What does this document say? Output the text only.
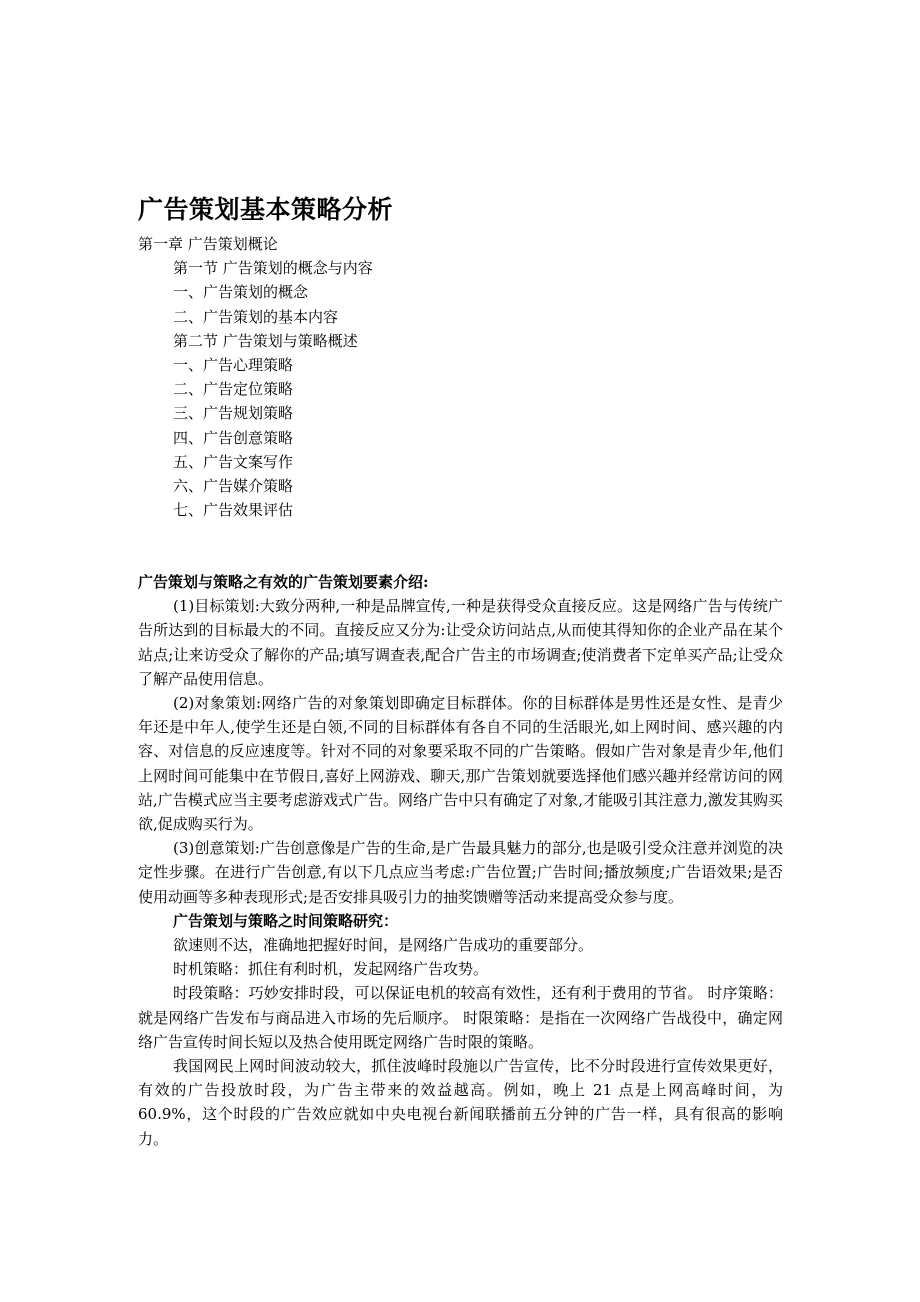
广告策划基本策略分析
第一章 广告策划概论
第一节 广告策划的概念与内容
一、广告策划的概念
二、广告策划的基本内容
第二节 广告策划与策略概述
一、广告心理策略
二、广告定位策略
三、广告规划策略
四、广告创意策略
五、广告文案写作
六、广告媒介策略
七、广告效果评估

广告策划与策略之有效的广告策划要素介绍:

(1)目标策划:大致分两种,一种是品牌宣传,一种是获得受众直接反应。这是网络广告与传统广告所达到的目标最大的不同。直接反应又分为:让受众访问站点,从而使其得知你的企业产品在某个站点;让来访受众了解你的产品;填写调查表,配合广告主的市场调查;使消费者下定单买产品;让受众了解产品使用信息。

(2)对象策划:网络广告的对象策划即确定目标群体。你的目标群体是男性还是女性、是青少年还是中年人,使学生还是白领,不同的目标群体有各自不同的生活眼光,如上网时间、感兴趣的内容、对信息的反应速度等。针对不同的对象要采取不同的广告策略。假如广告对象是青少年,他们上网时间可能集中在节假日,喜好上网游戏、聊天,那广告策划就要选择他们感兴趣并经常访问的网站,广告模式应当主要考虑游戏式广告。网络广告中只有确定了对象,才能吸引其注意力,激发其购买欲,促成购买行为。

(3)创意策划:广告创意像是广告的生命,是广告最具魅力的部分,也是吸引受众注意并浏览的决定性步骤。在进行广告创意,有以下几点应当考虑:广告位置;广告时间;播放频度;广告语效果;是否使用动画等多种表现形式;是否安排具吸引力的抽奖馈赠等活动来提高受众参与度。

广告策划与策略之时间策略研究：

欲速则不达，准确地把握好时间，是网络广告成功的重要部分。

时机策略：抓住有利时机，发起网络广告攻势。

时段策略：巧妙安排时段，可以保证电机的较高有效性，还有利于费用的节省。 时序策略：就是网络广告发布与商品进入市场的先后顺序。 时限策略：是指在一次网络广告战役中，确定网络广告宣传时间长短以及热合使用既定网络广告时限的策略。

我国网民上网时间波动较大，抓住波峰时段施以广告宣传，比不分时段进行宣传效果更好，有效的广告投放时段，为广告主带来的效益越高。例如，晚上 21 点是上网高峰时间，为 60.9%，这个时段的广告效应就如中央电视台新闻联播前五分钟的广告一样，具有很高的影响力。
